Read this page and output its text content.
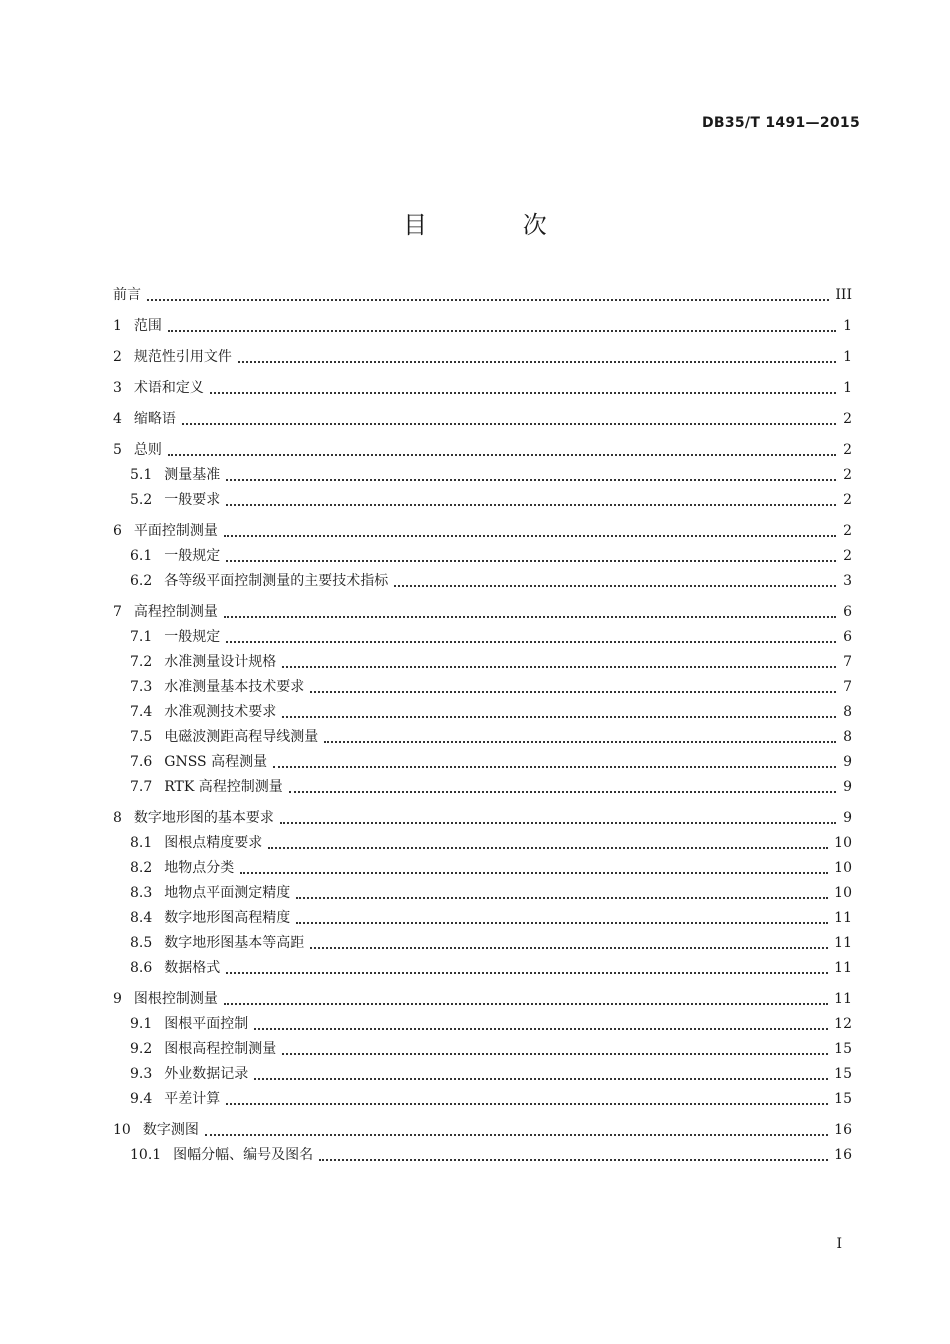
DB35/T 1491—2015
目 次
前言	III
1 范围	1
2 规范性引用文件	1
3 术语和定义	1
4 缩略语	2
5 总则	2
5.1 测量基准	2
5.2 一般要求	2
6 平面控制测量	2
6.1 一般规定	2
6.2 各等级平面控制测量的主要技术指标	3
7 高程控制测量	6
7.1 一般规定	6
7.2 水准测量设计规格	7
7.3 水准测量基本技术要求	7
7.4 水准观测技术要求	8
7.5 电磁波测距高程导线测量	8
7.6 GNSS 高程测量	9
7.7 RTK 高程控制测量	9
8 数字地形图的基本要求	9
8.1 图根点精度要求	10
8.2 地物点分类	10
8.3 地物点平面测定精度	10
8.4 数字地形图高程精度	11
8.5 数字地形图基本等高距	11
8.6 数据格式	11
9 图根控制测量	11
9.1 图根平面控制	12
9.2 图根高程控制测量	15
9.3 外业数据记录	15
9.4 平差计算	15
10 数字测图	16
10.1 图幅分幅、编号及图名	16
I
